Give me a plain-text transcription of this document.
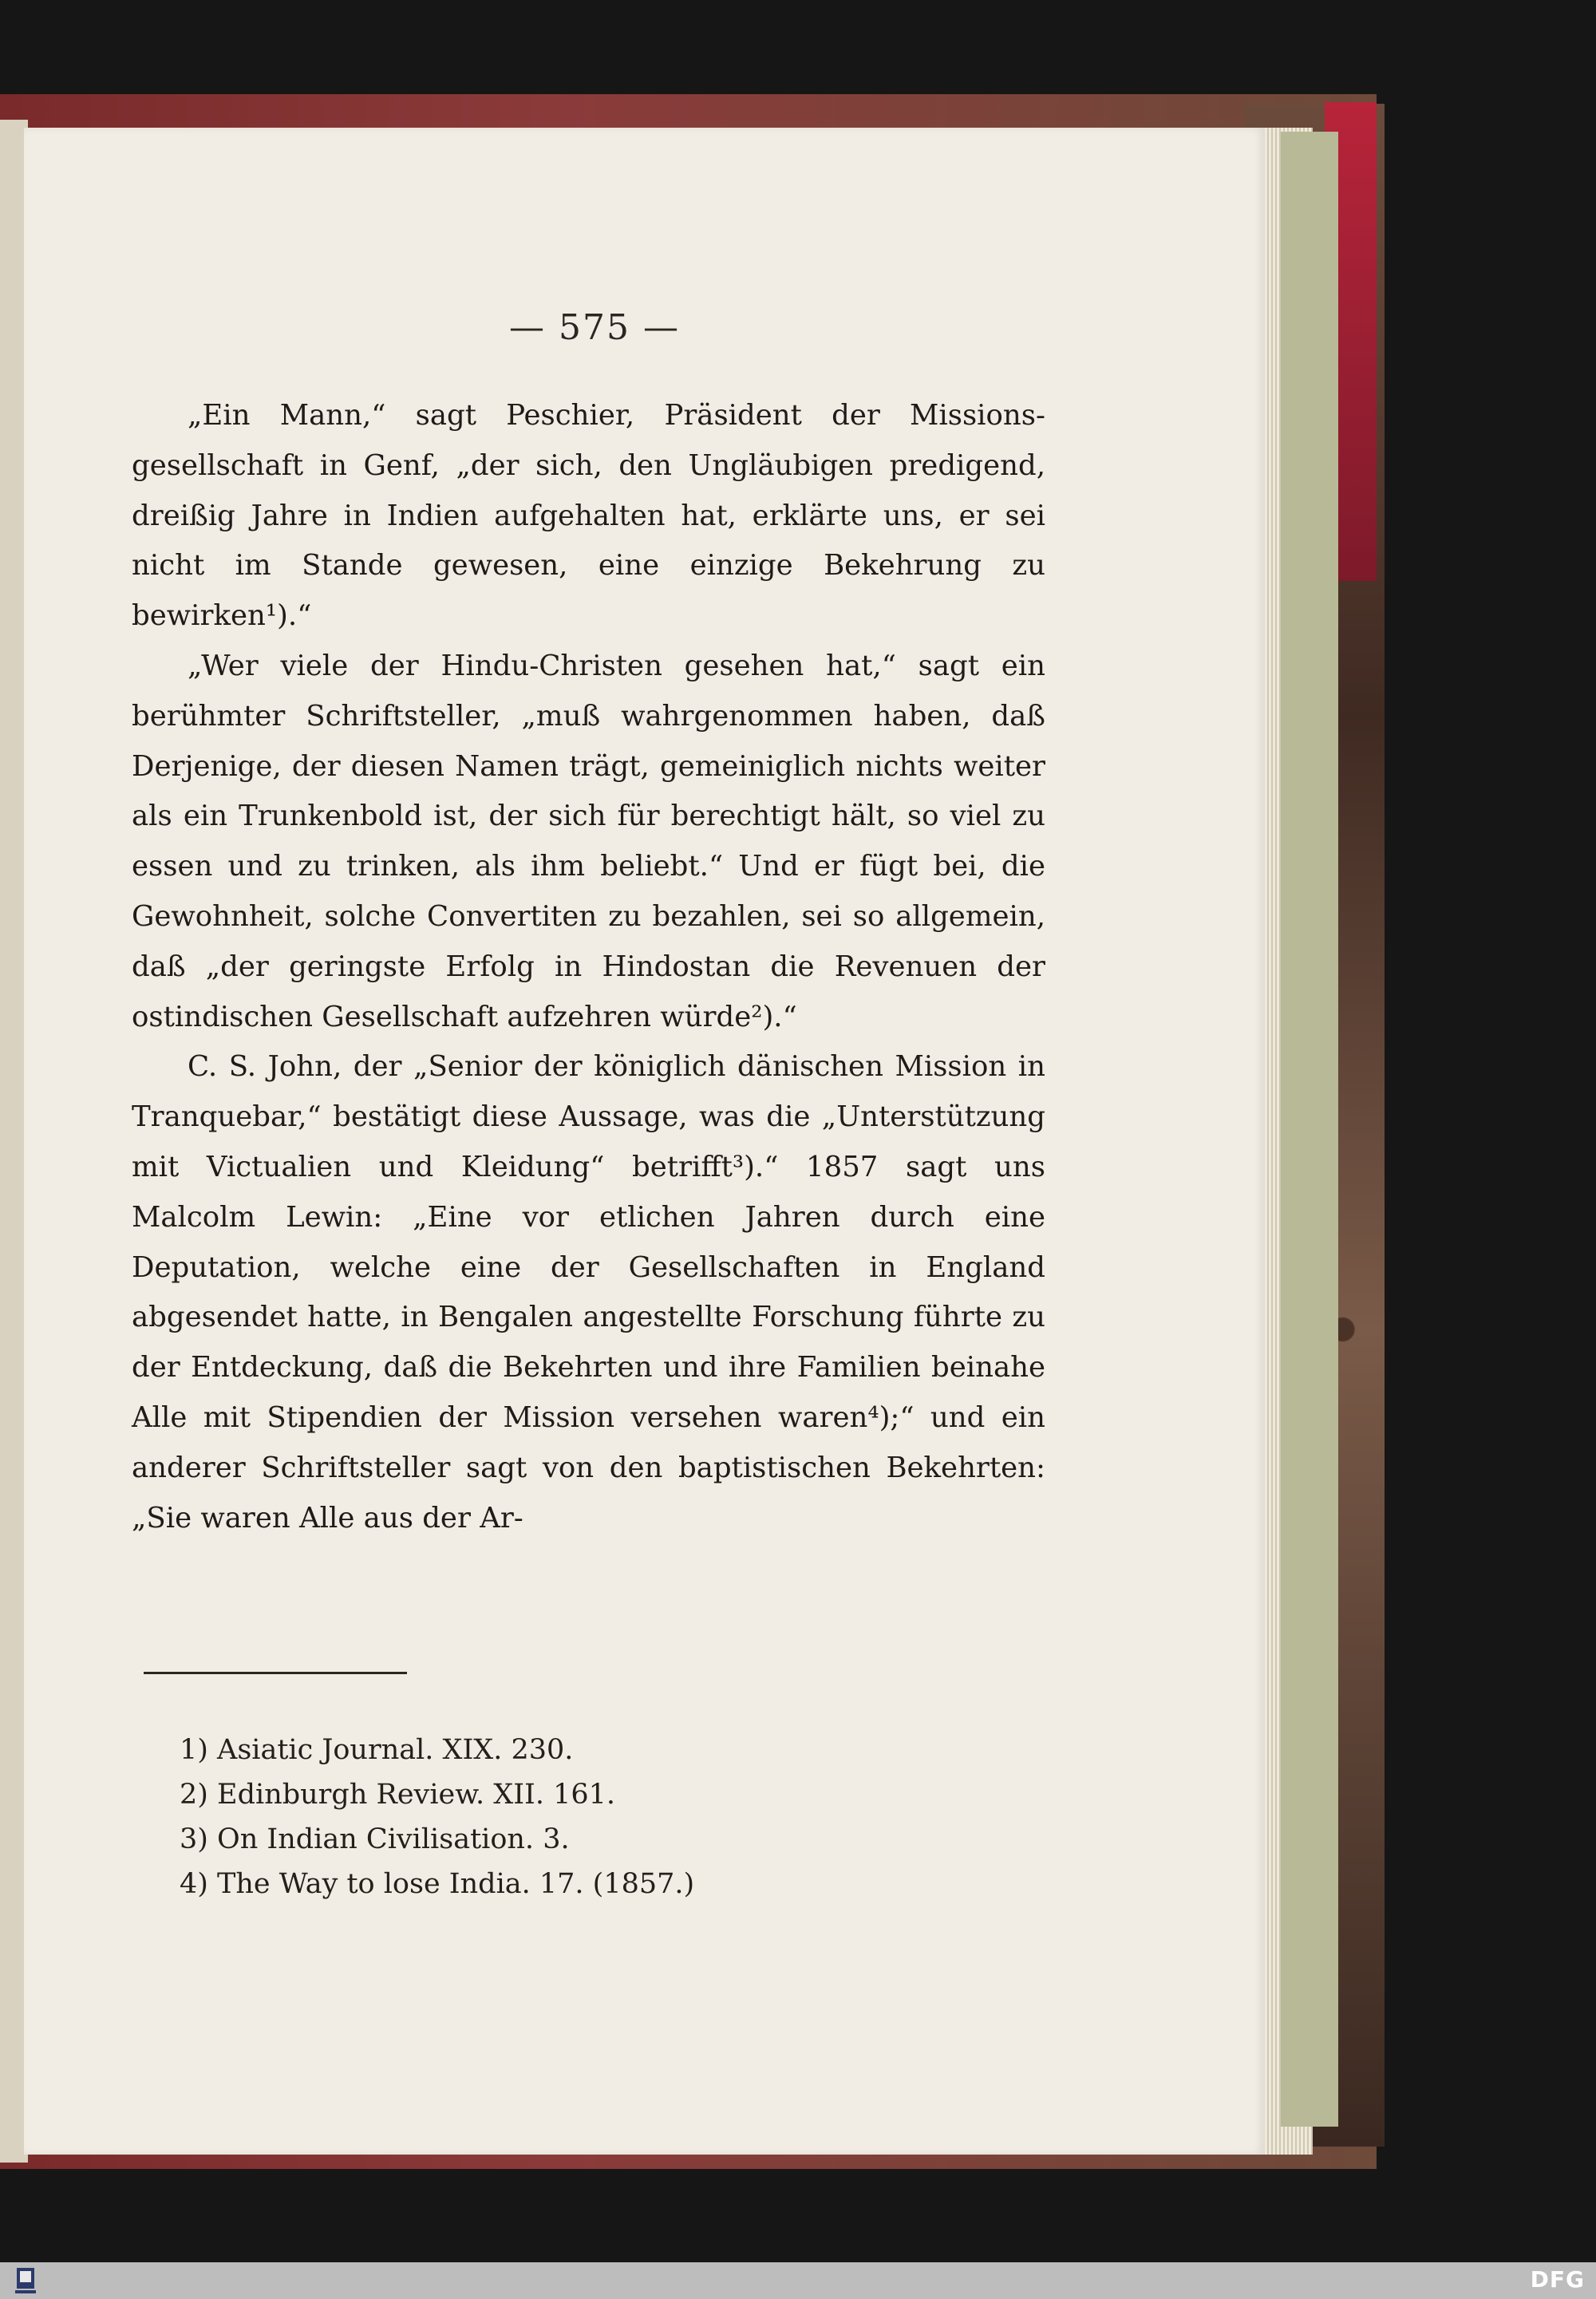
— 575 —

„Ein Mann,“ sagt Peschier, Präsident der Missions-gesellschaft in Genf, „der sich, den Ungläubigen predigend, dreißig Jahre in Indien aufgehalten hat, erklärte uns, er sei nicht im Stande gewesen, eine einzige Bekehrung zu bewirken¹).“

„Wer viele der Hindu-Christen gesehen hat,“ sagt ein berühmter Schriftsteller, „muß wahrgenommen haben, daß Derjenige, der diesen Namen trägt, gemeiniglich nichts weiter als ein Trunkenbold ist, der sich für berechtigt hält, so viel zu essen und zu trinken, als ihm beliebt.“ Und er fügt bei, die Gewohnheit, solche Convertiten zu bezahlen, sei so allgemein, daß „der geringste Erfolg in Hindostan die Revenuen der ostindischen Gesellschaft aufzehren würde²).“

C. S. John, der „Senior der königlich dänischen Mission in Tranquebar,“ bestätigt diese Aussage, was die „Unterstützung mit Victualien und Kleidung“ betrifft³).“ 1857 sagt uns Malcolm Lewin: „Eine vor etlichen Jahren durch eine Deputation, welche eine der Gesellschaften in England abgesendet hatte, in Bengalen angestellte Forschung führte zu der Entdeckung, daß die Bekehrten und ihre Familien beinahe Alle mit Stipendien der Mission versehen waren⁴);“ und ein anderer Schriftsteller sagt von den baptistischen Bekehrten: „Sie waren Alle aus der Ar-

1) Asiatic Journal. XIX. 230.
2) Edinburgh Review. XII. 161.
3) On Indian Civilisation. 3.
4) The Way to lose India. 17. (1857.)
DFG
